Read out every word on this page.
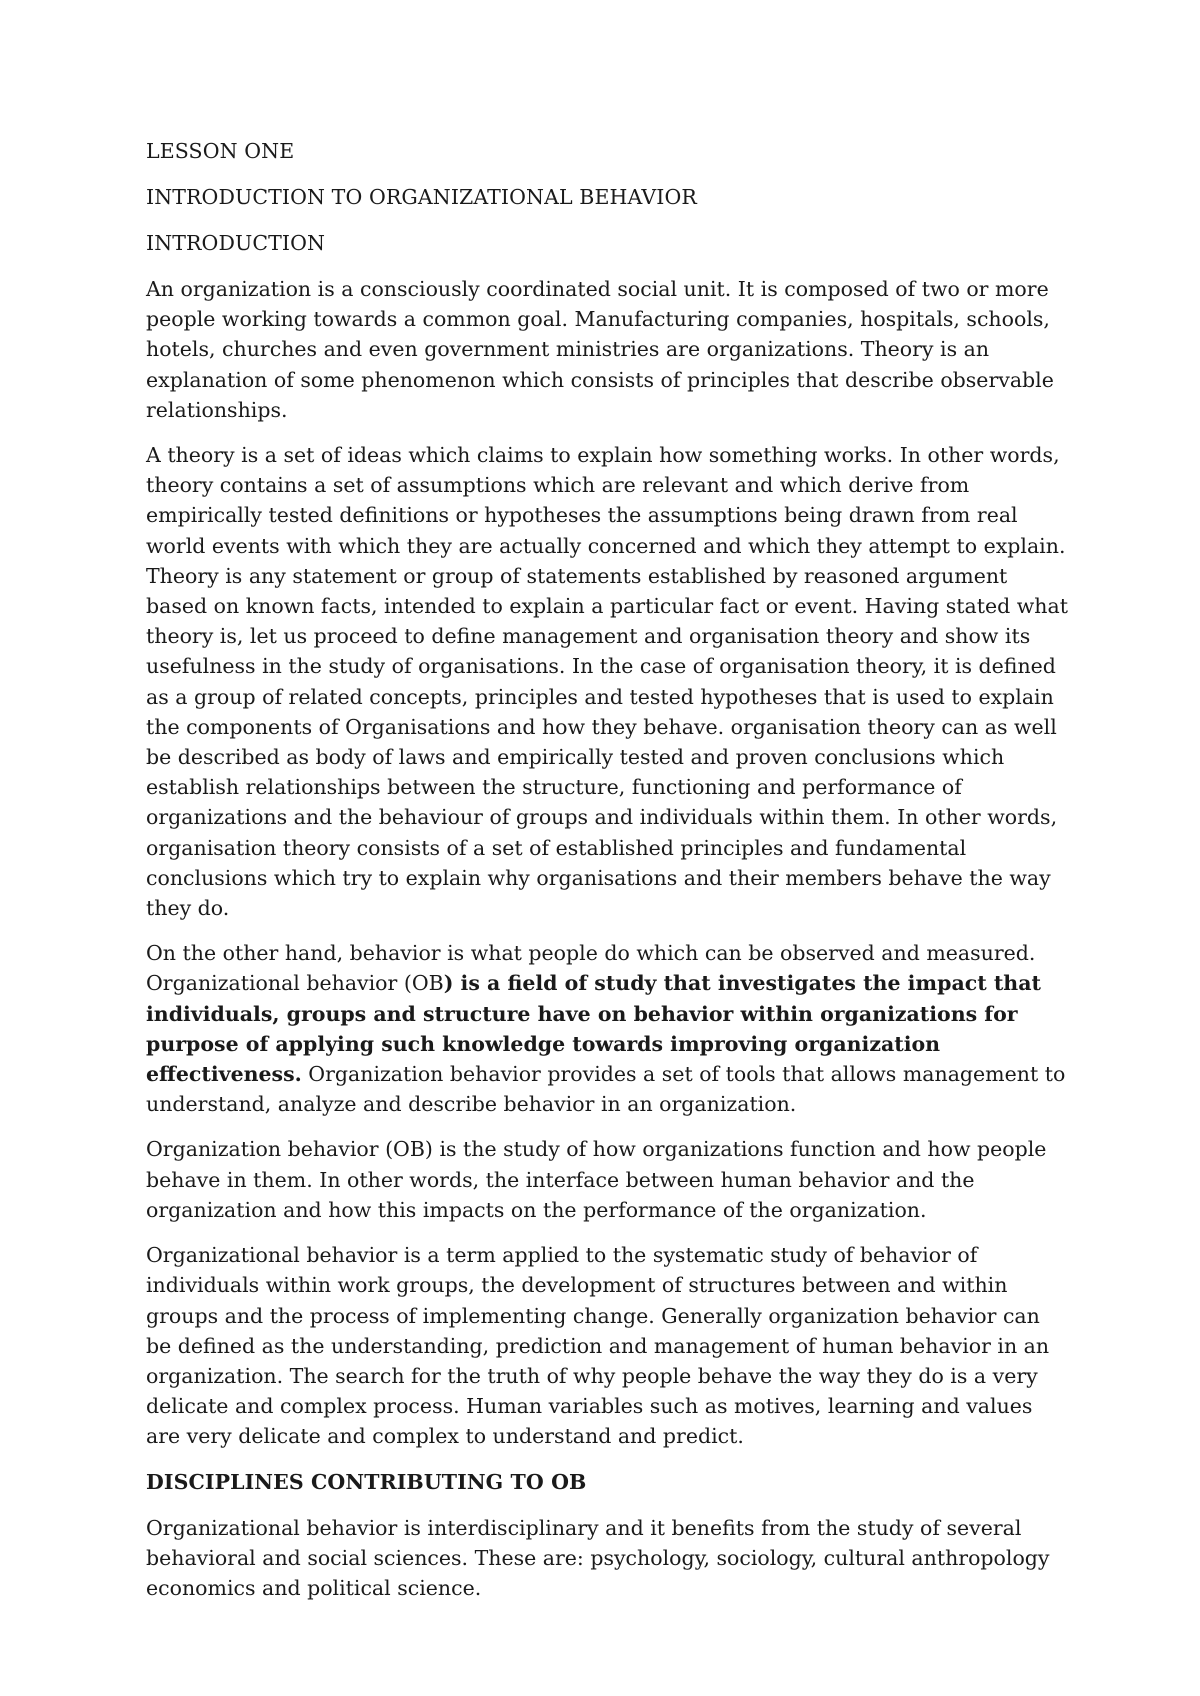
LESSON ONE
INTRODUCTION TO ORGANIZATIONAL BEHAVIOR
INTRODUCTION

An organization is a consciously coordinated social unit. It is composed of two or more people working towards a common goal. Manufacturing companies, hospitals, schools, hotels, churches and even government ministries are organizations. Theory is an explanation of some phenomenon which consists of principles that describe observable relationships.

A theory is a set of ideas which claims to explain how something works. In other words, theory contains a set of assumptions which are relevant and which derive from empirically tested definitions or hypotheses the assumptions being drawn from real world events with which they are actually concerned and which they attempt to explain. Theory is any statement or group of statements established by reasoned argument based on known facts, intended to explain a particular fact or event. Having stated what theory is, let us proceed to define management and organisation theory and show its usefulness in the study of organisations. In the case of organisation theory, it is defined as a group of related concepts, principles and tested hypotheses that is used to explain the components of Organisations and how they behave. organisation theory can as well be described as body of laws and empirically tested and proven conclusions which establish relationships between the structure, functioning and performance of organizations and the behaviour of groups and individuals within them. In other words, organisation theory consists of a set of established principles and fundamental conclusions which try to explain why organisations and their members behave the way they do.

On the other hand, behavior is what people do which can be observed and measured. Organizational behavior (OB) is a field of study that investigates the impact that individuals, groups and structure have on behavior within organizations for purpose of applying such knowledge towards improving organization effectiveness. Organization behavior provides a set of tools that allows management to understand, analyze and describe behavior in an organization.

Organization behavior (OB) is the study of how organizations function and how people behave in them. In other words, the interface between human behavior and the organization and how this impacts on the performance of the organization.

Organizational behavior is a term applied to the systematic study of behavior of individuals within work groups, the development of structures between and within groups and the process of implementing change. Generally organization behavior can be defined as the understanding, prediction and management of human behavior in an organization. The search for the truth of why people behave the way they do is a very delicate and complex process. Human variables such as motives, learning and values are very delicate and complex to understand and predict.

DISCIPLINES CONTRIBUTING TO OB

Organizational behavior is interdisciplinary and it benefits from the study of several behavioral and social sciences. These are: psychology, sociology, cultural anthropology economics and political science.
